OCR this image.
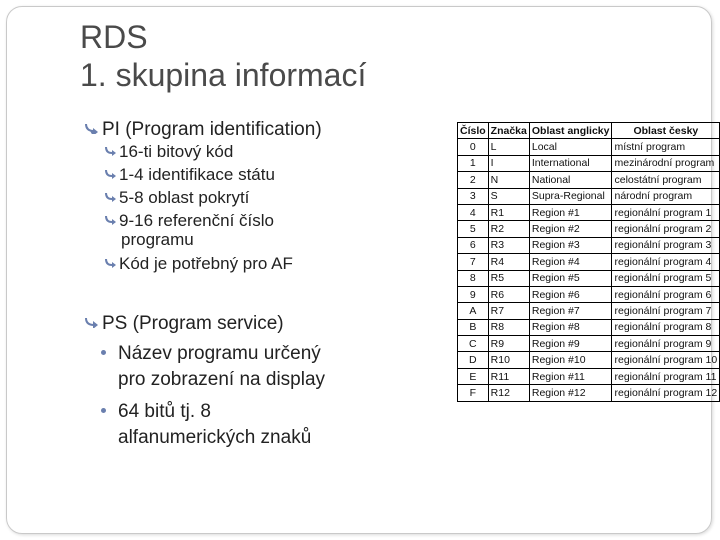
RDS
1. skupina informací
PI (Program identification)
16-ti bitový kód
1-4 identifikace státu
5-8 oblast pokrytí
9-16 referenční číslo
programu
Kód je potřebný pro AF
PS (Program service)
Název programu určený
pro zobrazení na display
64 bitů tj. 8
alfanumerických znaků
Číslo	Značka	Oblast anglicky	Oblast česky
0	L	Local	místní program
1	I	International	mezinárodní program
2	N	National	celostátní program
3	S	Supra-Regional	národní program
4	R1	Region #1	regionální program 1
5	R2	Region #2	regionální program 2
6	R3	Region #3	regionální program 3
7	R4	Region #4	regionální program 4
8	R5	Region #5	regionální program 5
9	R6	Region #6	regionální program 6
A	R7	Region #7	regionální program 7
B	R8	Region #8	regionální program 8
C	R9	Region #9	regionální program 9
D	R10	Region #10	regionální program 10
E	R11	Region #11	regionální program 11
F	R12	Region #12	regionální program 12
